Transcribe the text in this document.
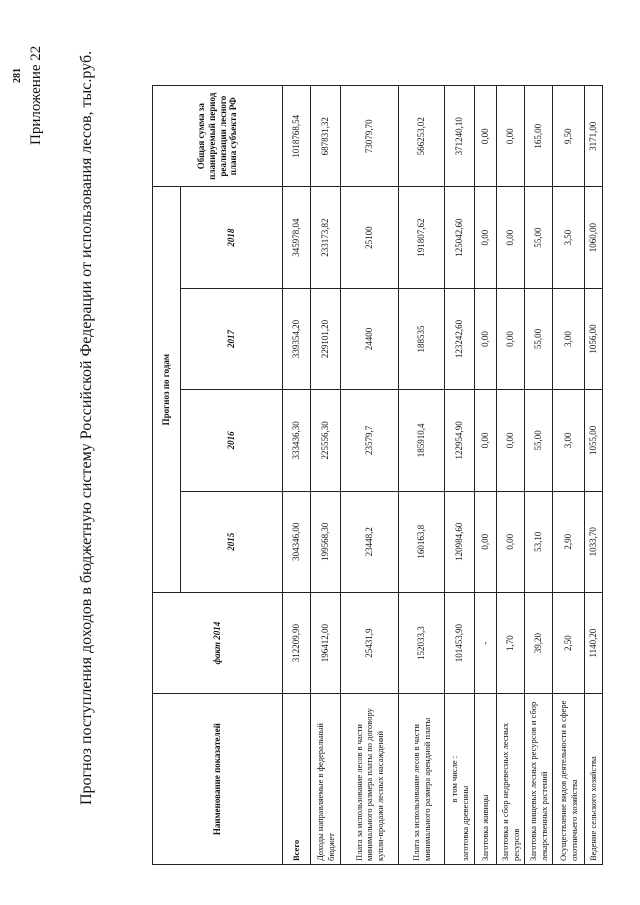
281 Приложение 22 Прогноз поступления доходов в бюджетную систему Российской Федерации от использования лесов, тыс.руб.	Наименование показателей	факт 2014	Прогноз по годам				Общая сумма за планируемый период реализации лесного плана субъекта РФ
		2015	2016	2017	2018	
Всего	312209,90	304346,00	333436,30	339354,20	345978,04	1018768,54
Доходы направляемые в федеральный бюджет	196412,00	199568,30	225556,30	229101,20	233173,82	687831,32
Плата за использование лесов в части минимального размера платы по договору купли-продажи лесных насаждений	25431,9	23448,2	23579,7	24400	25100	73079,70
Плата за использование лесов в части минимального размера арендной платы	152033,3	160163,8	185910,4	188535	191807,62	566253,02

в том числе :
заготовка древесины	101453,90	120984,60	122954,90	123242,60	125042,60	371240,10
Заготовка живицы	-	0,00	0,00	0,00	0,00	0,00
Заготовка и сбор недревесных лесных ресурсов	1,70	0,00	0,00	0,00	0,00	0,00
Заготовка пищевых лесных ресурсов и сбор лекарственных растений	39,20	53,10	55,00	55,00	55,00	165,00
Осуществление видов деятельности в сфере охотничьего хозяйства	2,50	2,90	3,00	3,00	3,50	9,50
Ведение сельского хозяйства	1140,20	1033,70	1055,00	1056,00	1060,00	3171,00
